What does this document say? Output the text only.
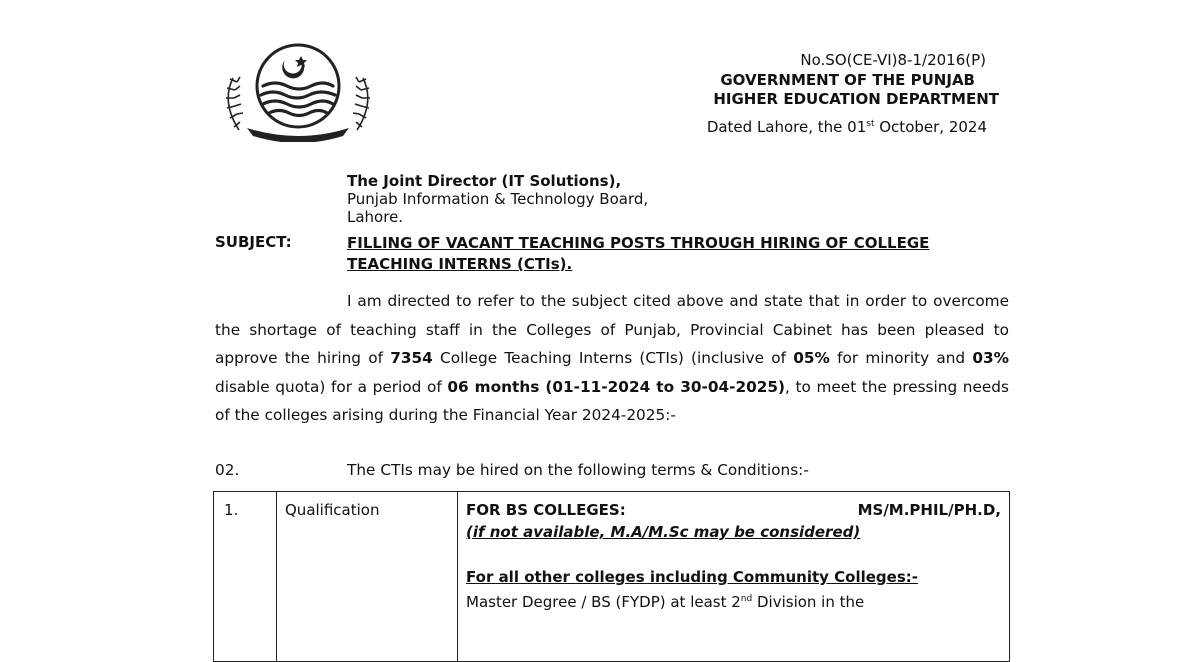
No.SO(CE-VI)8-1/2016(P)
GOVERNMENT OF THE PUNJAB
HIGHER EDUCATION DEPARTMENT
Dated Lahore, the 01st October, 2024
The Joint Director (IT Solutions),
Punjab Information & Technology Board,
Lahore.
SUBJECT:	FILLING OF VACANT TEACHING POSTS THROUGH HIRING OF COLLEGE TEACHING INTERNS (CTIs).
I am directed to refer to the subject cited above and state that in order to overcome the shortage of teaching staff in the Colleges of Punjab, Provincial Cabinet has been pleased to approve the hiring of 7354 College Teaching Interns (CTIs) (inclusive of 05% for minority and 03% disable quota) for a period of 06 months (01-11-2024 to 30-04-2025), to meet the pressing needs of the colleges arising during the Financial Year 2024-2025:-
02.	The CTIs may be hired on the following terms & Conditions:-
1.	Qualification	FOR BS COLLEGES:	MS/M.PHIL/PH.D,
(if not available, M.A/M.Sc may be considered)
For all other colleges including Community Colleges:-
Master Degree / BS (FYDP) at least 2nd Division in the
